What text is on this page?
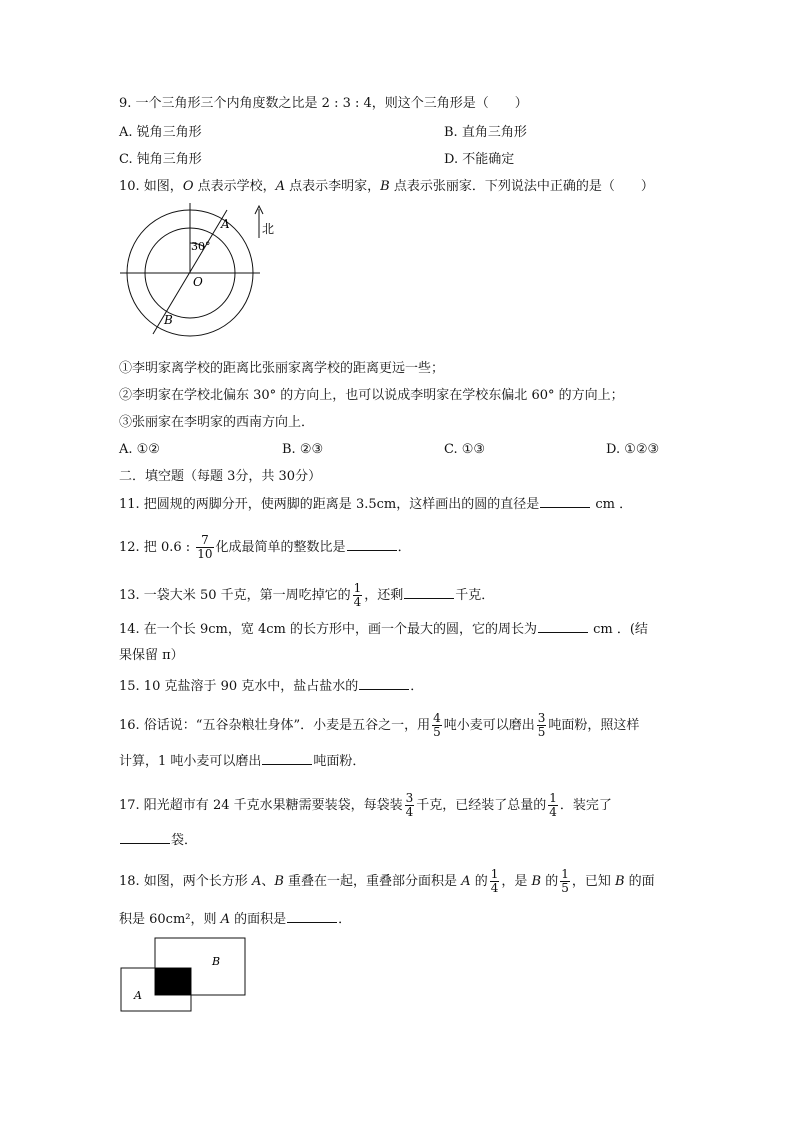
9. 一个三角形三个内角度数之比是 2 : 3 : 4，则这个三角形是（　　）
A. 锐角三角形	B. 直角三角形
C. 钝角三角形	D. 不能确定
10. 如图，O 点表示学校，A 点表示李明家，B 点表示张丽家．下列说法中正确的是（　　）
30°
A
O
B
北
①李明家离学校的距离比张丽家离学校的距离更远一些；
②李明家在学校北偏东 30° 的方向上，也可以说成李明家在学校东偏北 60° 的方向上；
③张丽家在李明家的西南方向上．
A. ①②	B. ②③	C. ①③	D. ①②③
二．填空题（每题 3分，共 30分）
11. 把圆规的两脚分开，使两脚的距离是 3.5cm，这样画出的圆的直径是	cm ．
12. 把 0.6 : $\frac{7}{10}$ 化成最简单的整数比是	．
13. 一袋大米 50 千克，第一周吃掉它的 $\frac{1}{4}$ ，还剩	千克．
14. 在一个长 9cm，宽 4cm 的长方形中，画一个最大的圆，它的周长为	cm ．(结
果保留 π）
15. 10 克盐溶于 90 克水中，盐占盐水的	．
16. 俗话说：“五谷杂粮壮身体”．小麦是五谷之一，用 $\frac{4}{5}$ 吨小麦可以磨出 $\frac{3}{5}$ 吨面粉，照这样
计算，1 吨小麦可以磨出	吨面粉．
17. 阳光超市有 24 千克水果糖需要装袋，每袋装 $\frac{3}{4}$ 千克，已经装了总量的 $\frac{1}{4}$ ．装完了
袋．
18. 如图，两个长方形 A、B 重叠在一起，重叠部分面积是 A 的 $\frac{1}{4}$ ，是 B 的 $\frac{1}{5}$ ，已知 B 的面
积是 60cm²，则 A 的面积是	．
B
A
